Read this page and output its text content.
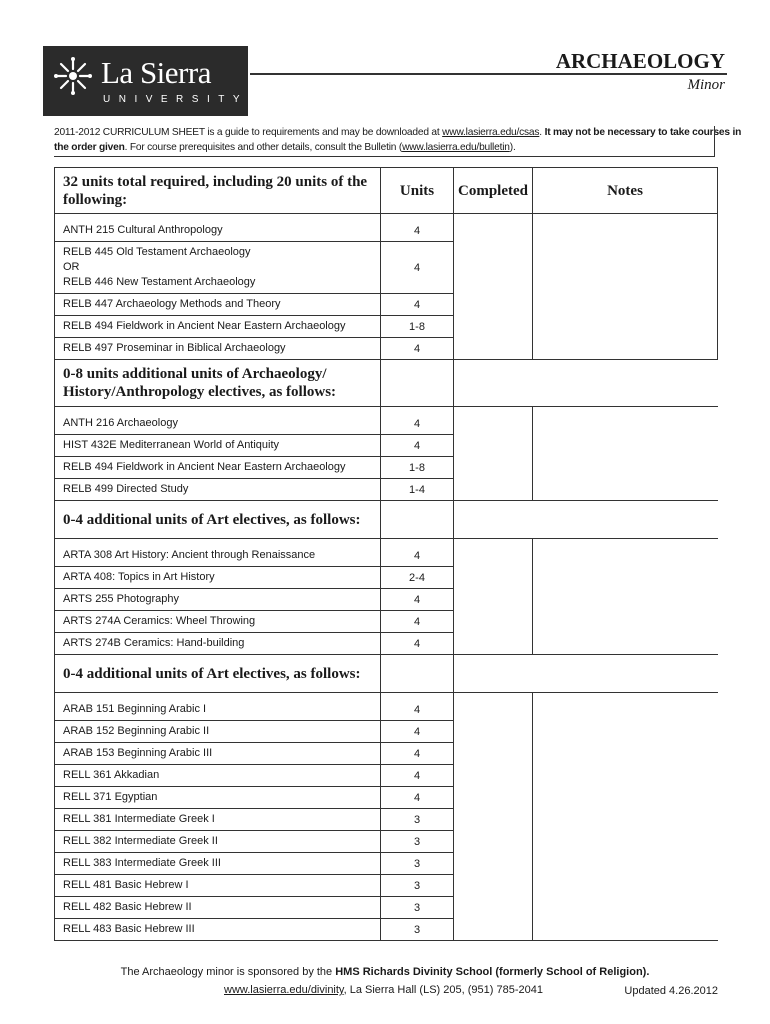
La Sierra
UNIVERSITY
ARCHAEOLOGY
Minor
2011-2012 CURRICULUM SHEET is a guide to requirements and may be downloaded at www.lasierra.edu/csas. It may not be necessary to take courses in the order given. For course prerequisites and other details, consult the Bulletin (www.lasierra.edu/bulletin).
32 units total required, including 20 units of the following:	Units	Completed	Notes

ANTH 215 Cultural Anthropology	4		

RELB 445 Old Testament Archaeology
OR
RELB 446 New Testament Archaeology	4		

RELB 447 Archaeology Methods and Theory	4		

RELB 494 Fieldwork in Ancient Near Eastern Archaeology	1-8		

RELB 497 Proseminar in Biblical Archaeology	4		
0-8 units additional units of Archaeology/ History/Anthropology electives, as follows:			

ANTH 216 Archaeology	4		

HIST 432E Mediterranean World of Antiquity	4		

RELB 494 Fieldwork in Ancient Near Eastern Archaeology	1-8		

RELB 499 Directed Study	1-4		
0-4 additional units of Art electives, as follows:			

ARTA 308 Art History: Ancient through Renaissance	4		

ARTA 408: Topics in Art History	2-4		

ARTS 255 Photography	4		

ARTS 274A Ceramics: Wheel Throwing	4		

ARTS 274B Ceramics: Hand-building	4		
0-4 additional units of Art electives, as follows:			

ARAB 151 Beginning Arabic I	4		

ARAB 152 Beginning Arabic II	4		

ARAB 153 Beginning Arabic III	4		

RELL 361 Akkadian	4		

RELL 371 Egyptian	4		

RELL 381 Intermediate Greek I	3		

RELL 382 Intermediate Greek II	3		

RELL 383 Intermediate Greek III	3		

RELL 481 Basic Hebrew I	3		

RELL 482 Basic Hebrew II	3		

RELL 483 Basic Hebrew III	3		
The Archaeology minor is sponsored by the HMS Richards Divinity School (formerly School of Religion).
www.lasierra.edu/divinity, La Sierra Hall (LS) 205, (951) 785-2041	Updated 4.26.2012
